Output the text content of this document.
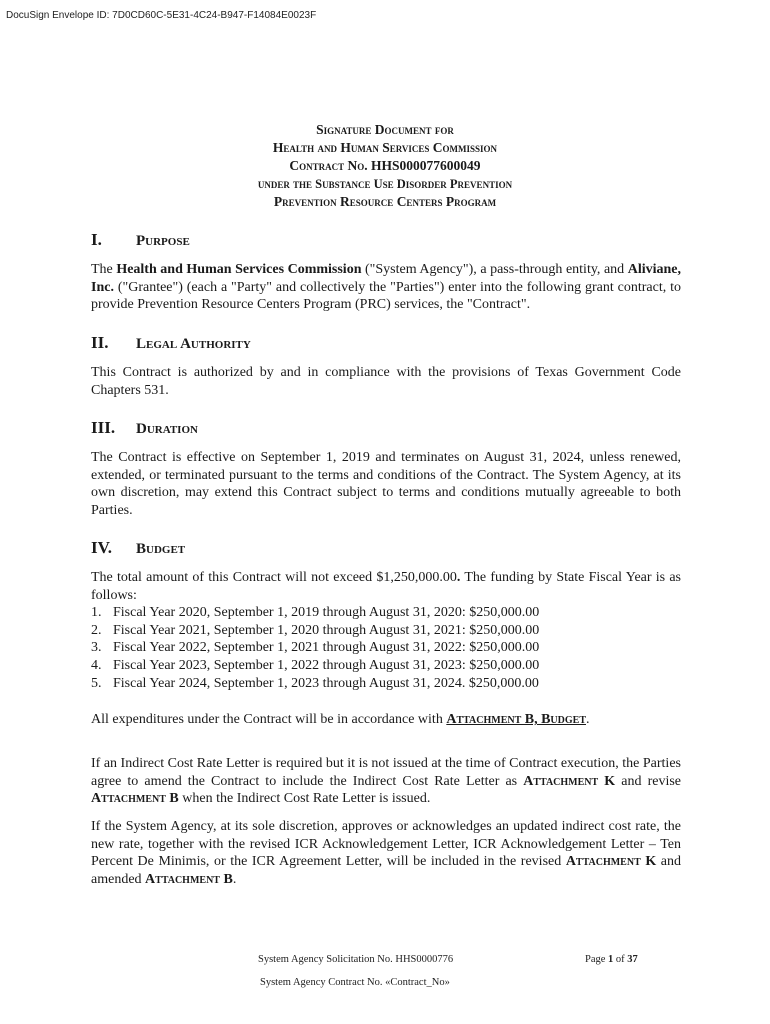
DocuSign Envelope ID: 7D0CD60C-5E31-4C24-B947-F14084E0023F
Signature Document for
Health and Human Services Commission
Contract No. HHS000077600049
under the Substance Use Disorder Prevention
Prevention Resource Centers Program
I.	Purpose

The Health and Human Services Commission ("System Agency"), a pass-through entity, and Aliviane, Inc. ("Grantee") (each a "Party" and collectively the "Parties") enter into the following grant contract, to provide Prevention Resource Centers Program (PRC) services, the "Contract".

II.	Legal Authority

This Contract is authorized by and in compliance with the provisions of Texas Government Code Chapters 531.

III.	Duration

The Contract is effective on September 1, 2019 and terminates on August 31, 2024, unless renewed, extended, or terminated pursuant to the terms and conditions of the Contract. The System Agency, at its own discretion, may extend this Contract subject to terms and conditions mutually agreeable to both Parties.

IV.	Budget

The total amount of this Contract will not exceed $1,250,000.00. The funding by State Fiscal Year is as follows:

1. Fiscal Year 2020, September 1, 2019 through August 31, 2020: $250,000.00
2. Fiscal Year 2021, September 1, 2020 through August 31, 2021: $250,000.00
3. Fiscal Year 2022, September 1, 2021 through August 31, 2022: $250,000.00
4. Fiscal Year 2023, September 1, 2022 through August 31, 2023: $250,000.00
5. Fiscal Year 2024, September 1, 2023 through August 31, 2024. $250,000.00

All expenditures under the Contract will be in accordance with Attachment B, Budget.

If an Indirect Cost Rate Letter is required but it is not issued at the time of Contract execution, the Parties agree to amend the Contract to include the Indirect Cost Rate Letter as Attachment K and revise Attachment B when the Indirect Cost Rate Letter is issued.

If the System Agency, at its sole discretion, approves or acknowledges an updated indirect cost rate, the new rate, together with the revised ICR Acknowledgement Letter, ICR Acknowledgement Letter – Ten Percent De Minimis, or the ICR Agreement Letter, will be included in the revised Attachment K and amended Attachment B.

System Agency Solicitation No. HHS0000776	Page 1 of 37
System Agency Contract No. «Contract_No»
